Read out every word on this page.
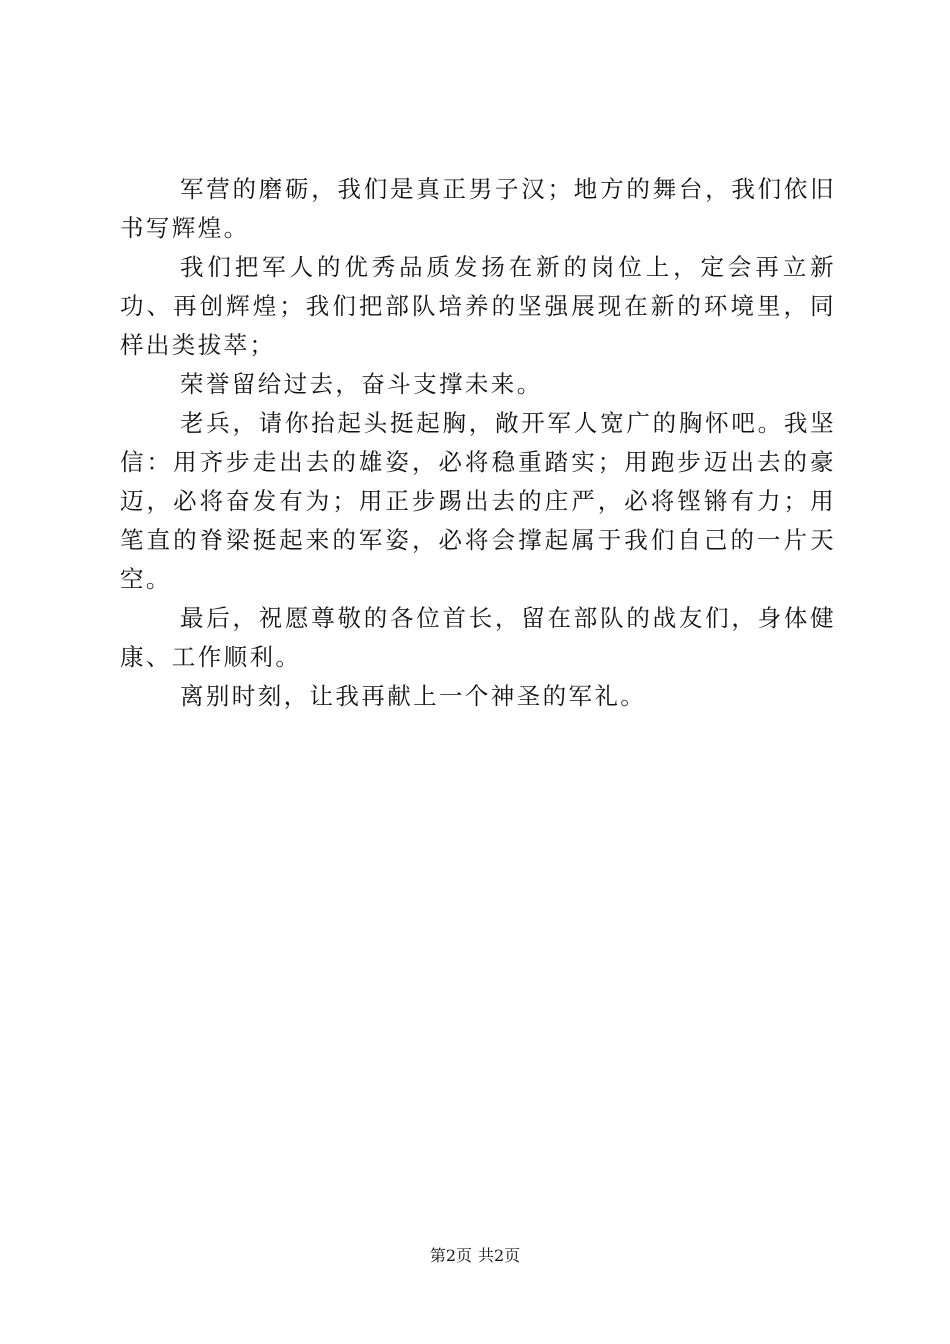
军营的磨砺，我们是真正男子汉；地方的舞台，我们依旧书写辉煌。

我们把军人的优秀品质发扬在新的岗位上，定会再立新功、再创辉煌；我们把部队培养的坚强展现在新的环境里，同样出类拔萃；

荣誉留给过去，奋斗支撑未来。

老兵，请你抬起头挺起胸，敞开军人宽广的胸怀吧。我坚信：用齐步走出去的雄姿，必将稳重踏实；用跑步迈出去的豪迈，必将奋发有为；用正步踢出去的庄严，必将铿锵有力；用笔直的脊梁挺起来的军姿，必将会撑起属于我们自己的一片天空。

最后，祝愿尊敬的各位首长，留在部队的战友们，身体健康、工作顺利。

离别时刻，让我再献上一个神圣的军礼。

第2页 共2页
